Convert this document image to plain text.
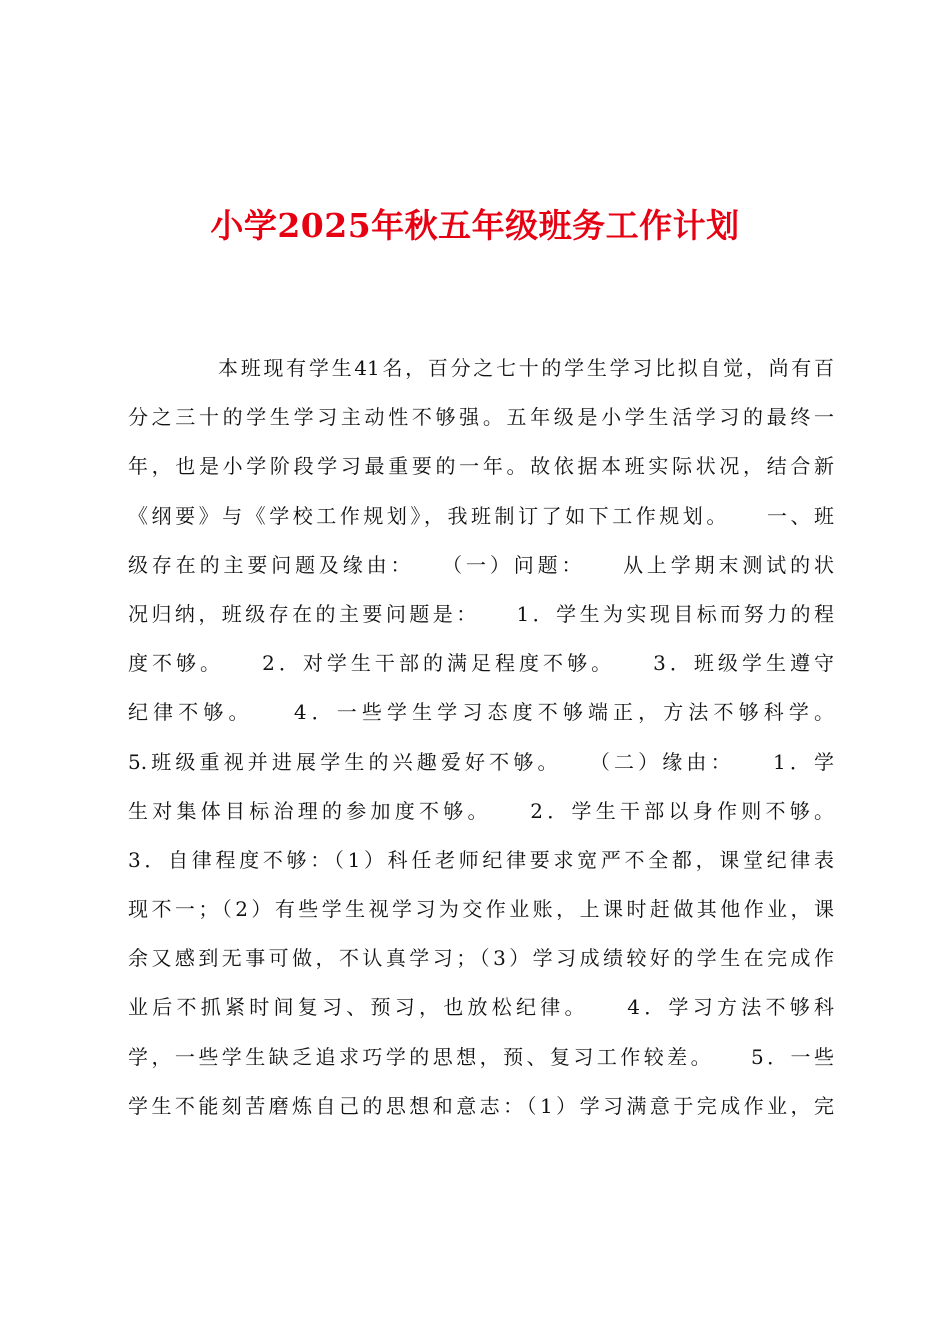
小学2025年秋五年级班务工作计划
本班现有学生41名，百分之七十的学生学习比拟自觉，尚有百
分之三十的学生学习主动性不够强。五年级是小学生活学习的最终一
年，也是小学阶段学习最重要的一年。故依据本班实际状况，结合新
《纲要》与《学校工作规划》，我班制订了如下工作规划。　　一、班
级存在的主要问题及缘由：　　（一）问题：　　从上学期末测试的状
况归纳，班级存在的主要问题是：　　1．学生为实现目标而努力的程
度不够。　　2．对学生干部的满足程度不够。　　3．班级学生遵守
纪律不够。　　4．一些学生学习态度不够端正，方法不够科学。
5.班级重视并进展学生的兴趣爱好不够。　　（二）缘由：　　1．学
生对集体目标治理的参加度不够。　　2．学生干部以身作则不够。
3．自律程度不够：（1）科任老师纪律要求宽严不全都，课堂纪律表
现不一；（2）有些学生视学习为交作业账，上课时赶做其他作业，课
余又感到无事可做，不认真学习；（3）学习成绩较好的学生在完成作
业后不抓紧时间复习、预习，也放松纪律。　　4．学习方法不够科
学，一些学生缺乏追求巧学的思想，预、复习工作较差。　　5．一些
学生不能刻苦磨炼自己的思想和意志：（1）学习满意于完成作业，完
